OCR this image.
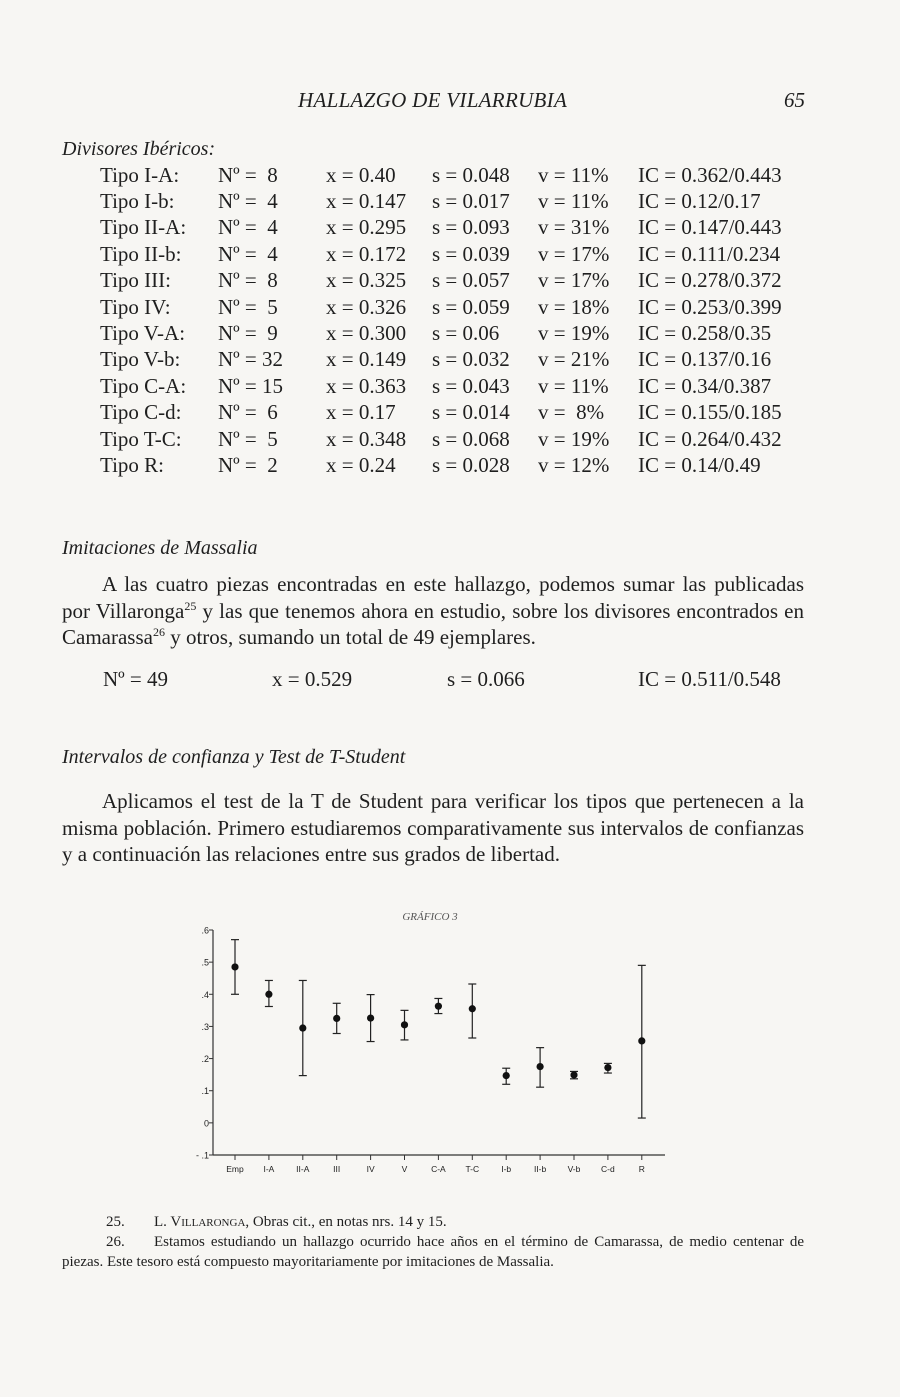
HALLAZGO DE VILARRUBIA	65
Divisores Ibéricos:
Tipo I-A:	Nº =  8	x = 0.40	s = 0.048	v = 11%	IC = 0.362/0.443
Tipo I-b:	Nº =  4	x = 0.147	s = 0.017	v = 11%	IC = 0.12/0.17
Tipo II-A:	Nº =  4	x = 0.295	s = 0.093	v = 31%	IC = 0.147/0.443
Tipo II-b:	Nº =  4	x = 0.172	s = 0.039	v = 17%	IC = 0.111/0.234
Tipo III:	Nº =  8	x = 0.325	s = 0.057	v = 17%	IC = 0.278/0.372
Tipo IV:	Nº =  5	x = 0.326	s = 0.059	v = 18%	IC = 0.253/0.399
Tipo V-A:	Nº =  9	x = 0.300	s = 0.06	v = 19%	IC = 0.258/0.35
Tipo V-b:	Nº = 32	x = 0.149	s = 0.032	v = 21%	IC = 0.137/0.16
Tipo C-A:	Nº = 15	x = 0.363	s = 0.043	v = 11%	IC = 0.34/0.387
Tipo C-d:	Nº =  6	x = 0.17	s = 0.014	v =  8%	IC = 0.155/0.185
Tipo T-C:	Nº =  5	x = 0.348	s = 0.068	v = 19%	IC = 0.264/0.432
Tipo R:	Nº =  2	x = 0.24	s = 0.028	v = 12%	IC = 0.14/0.49
Imitaciones de Massalia
A las cuatro piezas encontradas en este hallazgo, podemos sumar las publicadas por Villaronga$^{25}$ y las que tenemos ahora en estudio, sobre los divisores encontrados en Camarassa$^{26}$ y otros, sumando un total de 49 ejemplares.
Nº = 49	x = 0.529	s = 0.066	IC = 0.511/0.548
Intervalos de confianza y Test de T-Student
Aplicamos el test de la T de Student para verificar los tipos que pertenecen a la misma población. Primero estudiaremos comparativamente sus intervalos de confianzas y a continuación las relaciones entre sus grados de libertad.
GRÁFICO 3
.6
.5
.4
.3
.2
.1
0
- .1
Emp I-A	II-A	III	IV	V	C-A T-C	I-b	II-b	V-b C-d	R
25. L. Villaronga, Obras cit., en notas nrs. 14 y 15.
26. Estamos estudiando un hallazgo ocurrido hace años en el término de Camarassa, de medio centenar de piezas. Este tesoro está compuesto mayoritariamente por imitaciones de Massalia.
